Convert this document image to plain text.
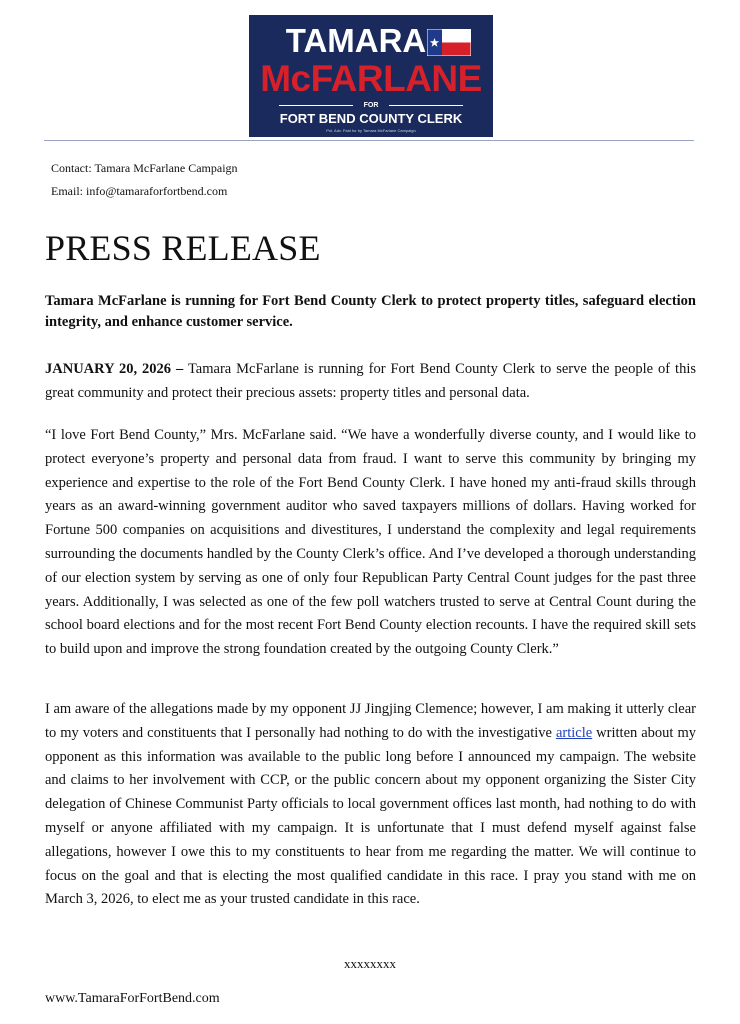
TAMARA
McFARLANE
FOR
FORT BEND COUNTY CLERK
Pol. Adv. Paid for by Tamara McFarlane Campaign
Contact: Tamara McFarlane Campaign
Email: info@tamaraforfortbend.com
PRESS RELEASE

Tamara McFarlane is running for Fort Bend County Clerk to protect property titles, safeguard election integrity, and enhance customer service.

JANUARY 20, 2026 – Tamara McFarlane is running for Fort Bend County Clerk to serve the people of this great community and protect their precious assets: property titles and personal data.

“I love Fort Bend County,” Mrs. McFarlane said. “We have a wonderfully diverse county, and I would like to protect everyone’s property and personal data from fraud. I want to serve this community by bringing my experience and expertise to the role of the Fort Bend County Clerk. I have honed my anti-fraud skills through years as an award-winning government auditor who saved taxpayers millions of dollars. Having worked for Fortune 500 companies on acquisitions and divestitures, I understand the complexity and legal requirements surrounding the documents handled by the County Clerk’s office. And I’ve developed a thorough understanding of our election system by serving as one of only four Republican Party Central Count judges for the past three years. Additionally, I was selected as one of the few poll watchers trusted to serve at Central Count during the school board elections and for the most recent Fort Bend County election recounts. I have the required skill sets to build upon and improve the strong foundation created by the outgoing County Clerk.”

I am aware of the allegations made by my opponent JJ Jingjing Clemence; however, I am making it utterly clear to my voters and constituents that I personally had nothing to do with the investigative article written about my opponent as this information was available to the public long before I announced my campaign. The website and claims to her involvement with CCP, or the public concern about my opponent organizing the Sister City delegation of Chinese Communist Party officials to local government offices last month, had nothing to do with myself or anyone affiliated with my campaign. It is unfortunate that I must defend myself against false allegations, however I owe this to my constituents to hear from me regarding the matter. We will continue to focus on the goal and that is electing the most qualified candidate in this race. I pray you stand with me on March 3, 2026, to elect me as your trusted candidate in this race.

xxxxxxxx
www.TamaraForFortBend.com
